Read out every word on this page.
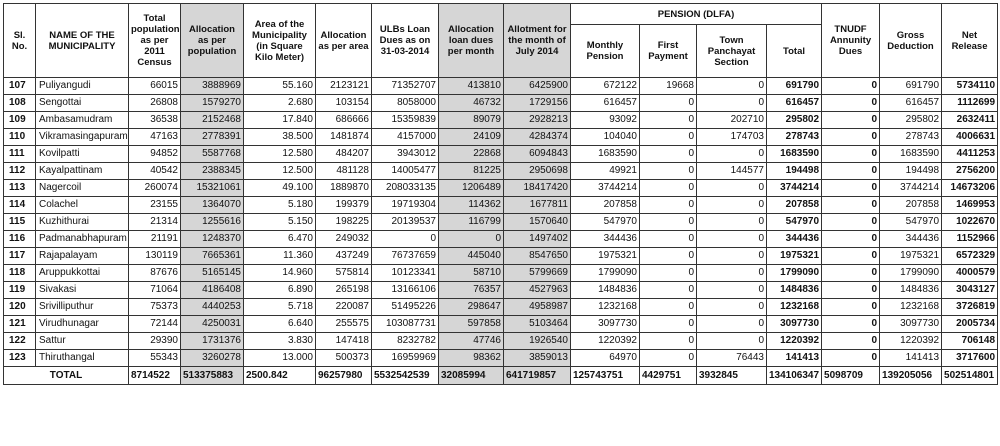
Sl. No.	NAME OF THE MUNICIPALITY	Total population as per 2011 Census	Allocation as per population	Area of the Municipality (in Square Kilo Meter)	Allocation as per area	ULBs Loan Dues as on 31-03-2014	Allocation loan dues per month	Allotment for the month of July 2014	PENSION (DLFA)				TNUDF Annunity Dues	Gross Deduction	Net Release
									Monthly Pension	First Payment	Town Panchayat Section	Total			
107	Puliyangudi	66015	3888969	55.160	2123121	71352707	413810	6425900	672122	19668	0	691790	0	691790	5734110
108	Sengottai	26808	1579270	2.680	103154	8058000	46732	1729156	616457	0	0	616457	0	616457	1112699
109	Ambasamudram	36538	2152468	17.840	686666	15359839	89079	2928213	93092	0	202710	295802	0	295802	2632411
110	Vikramasingapuram	47163	2778391	38.500	1481874	4157000	24109	4284374	104040	0	174703	278743	0	278743	4006631
111	Kovilpatti	94852	5587768	12.580	484207	3943012	22868	6094843	1683590	0	0	1683590	0	1683590	4411253
112	Kayalpattinam	40542	2388345	12.500	481128	14005477	81225	2950698	49921	0	144577	194498	0	194498	2756200
113	Nagercoil	260074	15321061	49.100	1889870	208033135	1206489	18417420	3744214	0	0	3744214	0	3744214	14673206
114	Colachel	23155	1364070	5.180	199379	19719304	114362	1677811	207858	0	0	207858	0	207858	1469953
115	Kuzhithurai	21314	1255616	5.150	198225	20139537	116799	1570640	547970	0	0	547970	0	547970	1022670
116	Padmanabhapuram	21191	1248370	6.470	249032	0	0	1497402	344436	0	0	344436	0	344436	1152966
117	Rajapalayam	130119	7665361	11.360	437249	76737659	445040	8547650	1975321	0	0	1975321	0	1975321	6572329
118	Aruppukkottai	87676	5165145	14.960	575814	10123341	58710	5799669	1799090	0	0	1799090	0	1799090	4000579
119	Sivakasi	71064	4186408	6.890	265198	13166106	76357	4527963	1484836	0	0	1484836	0	1484836	3043127
120	Srivilliputhur	75373	4440253	5.718	220087	51495226	298647	4958987	1232168	0	0	1232168	0	1232168	3726819
121	Virudhunagar	72144	4250031	6.640	255575	103087731	597858	5103464	3097730	0	0	3097730	0	3097730	2005734
122	Sattur	29390	1731376	3.830	147418	8232782	47746	1926540	1220392	0	0	1220392	0	1220392	706148
123	Thiruthangal	55343	3260278	13.000	500373	16959969	98362	3859013	64970	0	76443	141413	0	141413	3717600
TOTAL		8714522	513375883	2500.842	96257980	5532542539	32085994	641719857	125743751	4429751	3932845	134106347	5098709	139205056	502514801
